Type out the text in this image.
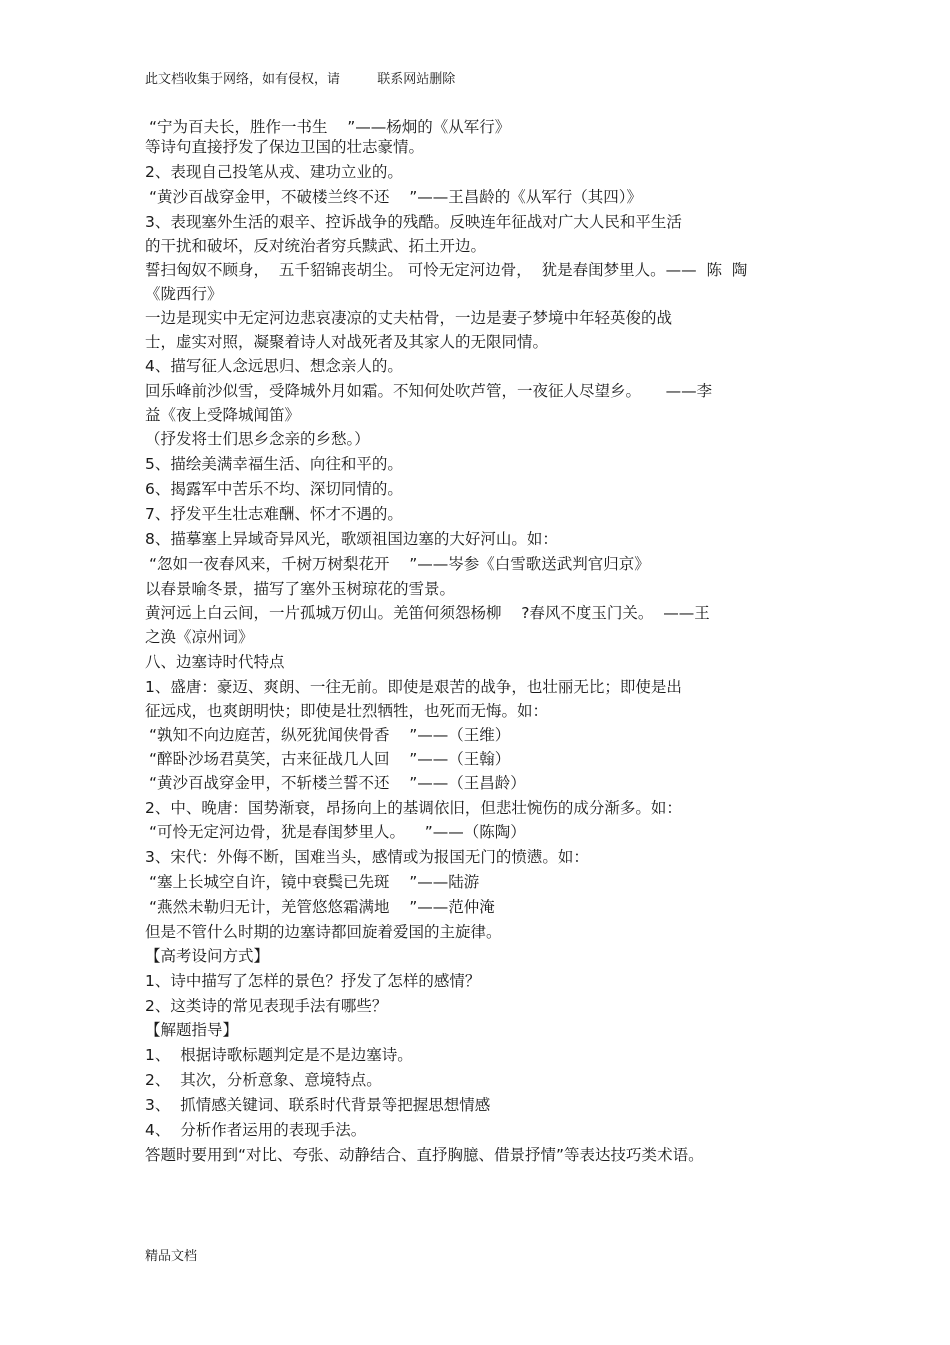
此文档收集于网络，如有侵权，请         联系网站删除
“宁为百夫长，胜作一书生    ”——杨炯的《从军行》
等诗句直接抒发了保边卫国的壮志豪情。
2、表现自己投笔从戎、建功立业的。
“黄沙百战穿金甲，不破楼兰终不还    ”——王昌龄的《从军行（其四）》
3、表现塞外生活的艰辛、控诉战争的残酷。反映连年征战对广大人民和平生活
的干扰和破坏，反对统治者穷兵黩武、拓土开边。
誓扫匈奴不顾身，  五千貂锦丧胡尘。 可怜无定河边骨，  犹是春闺梦里人。——  陈  陶
《陇西行》
一边是现实中无定河边悲哀凄凉的丈夫枯骨，一边是妻子梦境中年轻英俊的战
士，虚实对照，凝聚着诗人对战死者及其家人的无限同情。
4、描写征人念远思归、想念亲人的。
回乐峰前沙似雪，受降城外月如霜。不知何处吹芦管，一夜征人尽望乡。     ——李
益《夜上受降城闻笛》
（抒发将士们思乡念亲的乡愁。）
5、描绘美满幸福生活、向往和平的。
6、揭露军中苦乐不均、深切同情的。
7、抒发平生壮志难酬、怀才不遇的。
8、描摹塞上异域奇异风光，歌颂祖国边塞的大好河山。如：
“忽如一夜春风来，千树万树梨花开    ”——岑参《白雪歌送武判官归京》
以春景喻冬景，描写了塞外玉树琼花的雪景。
黄河远上白云间，一片孤城万仞山。羌笛何须怨杨柳    ?春风不度玉门关。  ——王
之涣《凉州词》
八、边塞诗时代特点
1、盛唐：豪迈、爽朗、一往无前。即使是艰苦的战争，也壮丽无比；即使是出
征远戍，也爽朗明快；即使是壮烈牺牲，也死而无悔。如：
“孰知不向边庭苦，纵死犹闻侠骨香    ”——（王维）
“醉卧沙场君莫笑，古来征战几人回    ”——（王翰）
“黄沙百战穿金甲，不斩楼兰誓不还    ”——（王昌龄）
2、中、晚唐：国势渐衰，昂扬向上的基调依旧，但悲壮惋伤的成分渐多。如：
“可怜无定河边骨，犹是春闺梦里人。    ”——（陈陶）
3、宋代：外侮不断，国难当头，感情或为报国无门的愤懑。如：
“塞上长城空自许，镜中衰鬓已先斑    ”——陆游
“燕然未勒归无计，羌管悠悠霜满地    ”——范仲淹
但是不管什么时期的边塞诗都回旋着爱国的主旋律。
【高考设问方式】
1、诗中描写了怎样的景色？抒发了怎样的感情？
2、这类诗的常见表现手法有哪些？
【解题指导】
1、  根据诗歌标题判定是不是边塞诗。
2、  其次，分析意象、意境特点。
3、  抓情感关键词、联系时代背景等把握思想情感
4、  分析作者运用的表现手法。
答题时要用到“对比、夸张、动静结合、直抒胸臆、借景抒情”等表达技巧类术语。
精品文档
